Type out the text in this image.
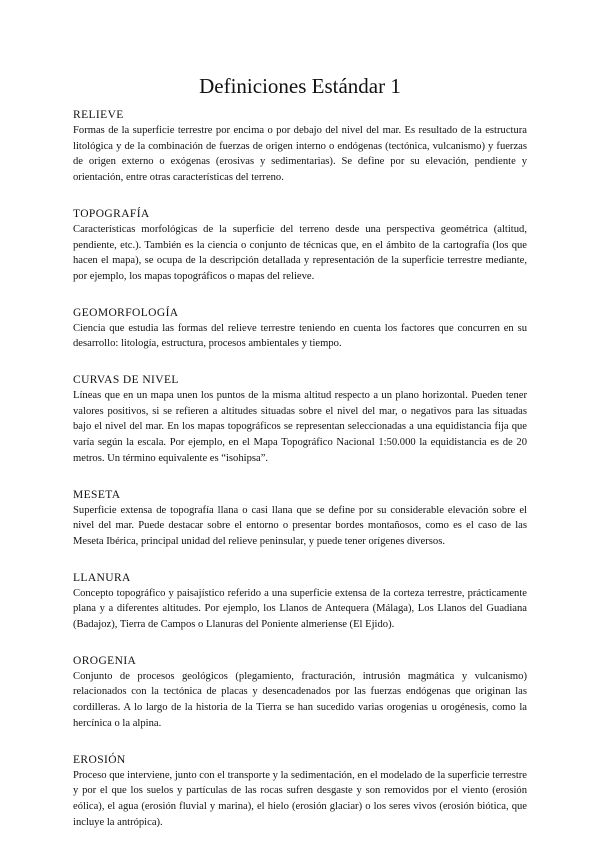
Definiciones Estándar 1
RELIEVE

Formas de la superficie terrestre por encima o por debajo del nivel del mar. Es resultado de la estructura litológica y de la combinación de fuerzas de origen interno o endógenas (tectónica, vulcanismo) y fuerzas de origen externo o exógenas (erosivas y sedimentarias). Se define por su elevación, pendiente y orientación, entre otras características del terreno.

TOPOGRAFÍA

Características morfológicas de la superficie del terreno desde una perspectiva geométrica (altitud, pendiente, etc.). También es la ciencia o conjunto de técnicas que, en el ámbito de la cartografía (los que hacen el mapa), se ocupa de la descripción detallada y representación de la superficie terrestre mediante, por ejemplo, los mapas topográficos o mapas del relieve.

GEOMORFOLOGÍA

Ciencia que estudia las formas del relieve terrestre teniendo en cuenta los factores que concurren en su desarrollo: litología, estructura, procesos ambientales y tiempo.

CURVAS DE NIVEL

Líneas que en un mapa unen los puntos de la misma altitud respecto a un plano horizontal. Pueden tener valores positivos, si se refieren a altitudes situadas sobre el nivel del mar, o negativos para las situadas bajo el nivel del mar. En los mapas topográficos se representan seleccionadas a una equidistancia fija que varía según la escala. Por ejemplo, en el Mapa Topográfico Nacional 1:50.000 la equidistancia es de 20 metros. Un término equivalente es “isohipsa”.

MESETA

Superficie extensa de topografía llana o casi llana que se define por su considerable elevación sobre el nivel del mar. Puede destacar sobre el entorno o presentar bordes montañosos, como es el caso de las Meseta Ibérica, principal unidad del relieve peninsular, y puede tener orígenes diversos.

LLANURA

Concepto topográfico y paisajístico referido a una superficie extensa de la corteza terrestre, prácticamente plana y a diferentes altitudes. Por ejemplo, los Llanos de Antequera (Málaga), Los Llanos del Guadiana (Badajoz), Tierra de Campos o Llanuras del Poniente almeriense (El Ejido).

OROGENIA

Conjunto de procesos geológicos (plegamiento, fracturación, intrusión magmática y vulcanismo) relacionados con la tectónica de placas y desencadenados por las fuerzas endógenas que originan las cordilleras. A lo largo de la historia de la Tierra se han sucedido varias orogenias u orogénesis, como la hercínica o la alpina.

EROSIÓN

Proceso que interviene, junto con el transporte y la sedimentación, en el modelado de la superficie terrestre y por el que los suelos y partículas de las rocas sufren desgaste y son removidos por el viento (erosión eólica), el agua (erosión fluvial y marina), el hielo (erosión glaciar) o los seres vivos (erosión biótica, que incluye la antrópica).
